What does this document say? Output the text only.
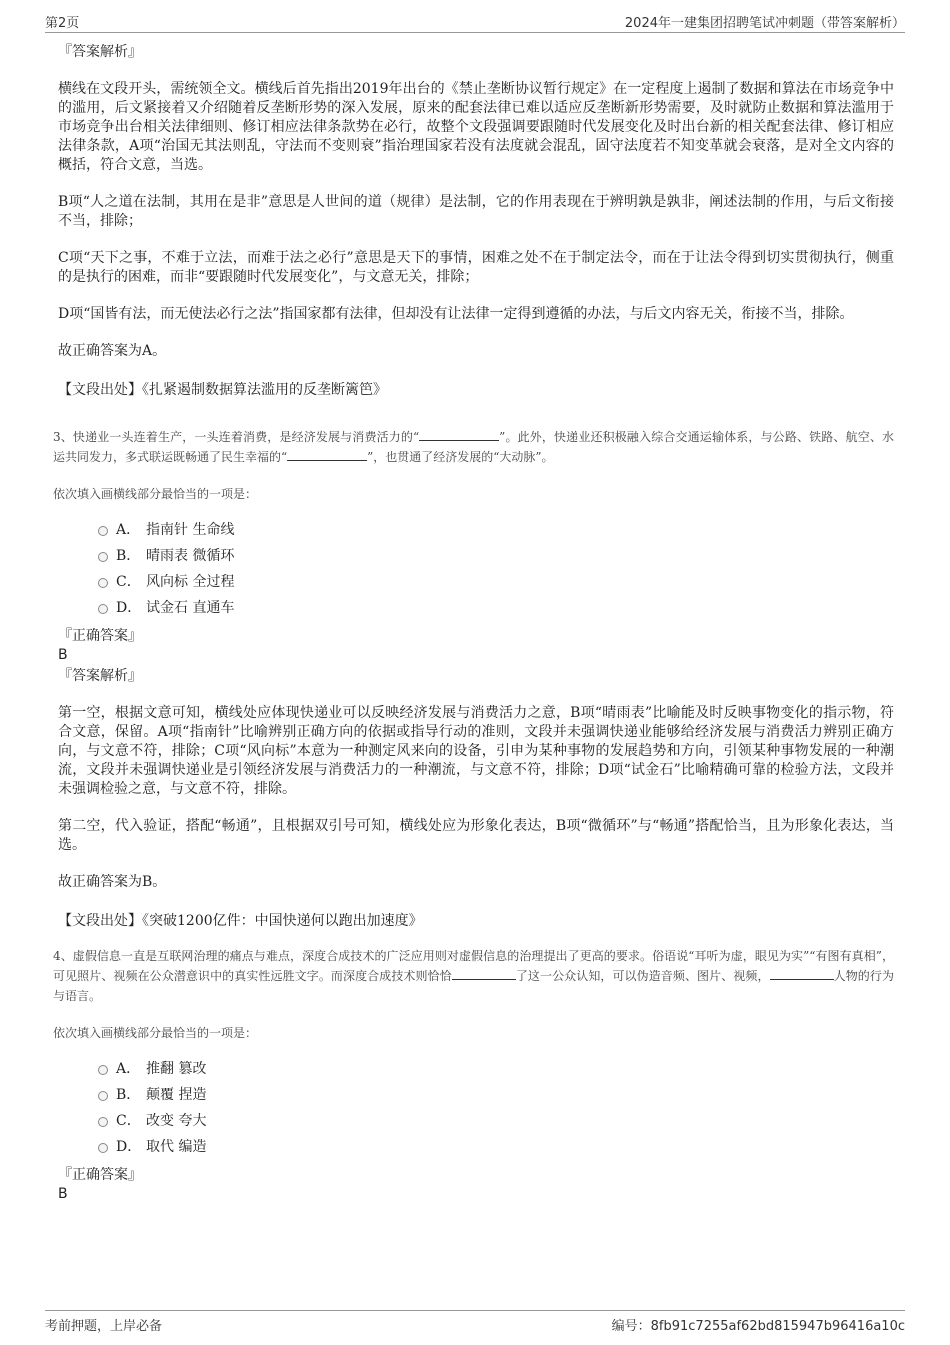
第2页	2024年一建集团招聘笔试冲刺题（带答案解析）

『答案解析』

横线在文段开头，需统领全文。横线后首先指出2019年出台的《禁止垄断协议暂行规定》在一定程度上遏制了数据和算法在市场竞争中的滥用，后文紧接着又介绍随着反垄断形势的深入发展，原来的配套法律已难以适应反垄断新形势需要，及时就防止数据和算法滥用于市场竞争出台相关法律细则、修订相应法律条款势在必行，故整个文段强调要跟随时代发展变化及时出台新的相关配套法律、修订相应法律条款，A项“治国无其法则乱，守法而不变则衰”指治理国家若没有法度就会混乱，固守法度若不知变革就会衰落，是对全文内容的概括，符合文意，当选。

B项“人之道在法制，其用在是非”意思是人世间的道（规律）是法制，它的作用表现在于辨明孰是孰非，阐述法制的作用，与后文衔接不当，排除；

C项“天下之事，不难于立法，而难于法之必行”意思是天下的事情，困难之处不在于制定法令，而在于让法令得到切实贯彻执行，侧重的是执行的困难，而非“要跟随时代发展变化”，与文意无关，排除；

D项“国皆有法，而无使法必行之法”指国家都有法律，但却没有让法律一定得到遵循的办法，与后文内容无关，衔接不当，排除。

故正确答案为A。

【文段出处】《扎紧遏制数据算法滥用的反垄断篱笆》

3、快递业一头连着生产，一头连着消费，是经济发展与消费活力的“	”。此外，快递业还积极融入综合交通运输体系，与公路、铁路、航空、水运共同发力，多式联运既畅通了民生幸福的“	”，也贯通了经济发展的“大动脉”。

依次填入画横线部分最恰当的一项是：

A． 指南针 生命线
B． 晴雨表 微循环
C． 风向标 全过程
D． 试金石 直通车

『正确答案』

B

『答案解析』

第一空，根据文意可知，横线处应体现快递业可以反映经济发展与消费活力之意，B项“晴雨表”比喻能及时反映事物变化的指示物，符合文意，保留。A项“指南针”比喻辨别正确方向的依据或指导行动的准则，文段并未强调快递业能够给经济发展与消费活力辨别正确方向，与文意不符，排除；C项“风向标”本意为一种测定风来向的设备，引申为某种事物的发展趋势和方向，引领某种事物发展的一种潮流，文段并未强调快递业是引领经济发展与消费活力的一种潮流，与文意不符，排除；D项“试金石”比喻精确可靠的检验方法，文段并未强调检验之意，与文意不符，排除。

第二空，代入验证，搭配“畅通”，且根据双引号可知，横线处应为形象化表达，B项“微循环”与“畅通”搭配恰当，且为形象化表达，当选。

故正确答案为B。

【文段出处】《突破1200亿件：中国快递何以跑出加速度》

4、虚假信息一直是互联网治理的痛点与难点，深度合成技术的广泛应用则对虚假信息的治理提出了更高的要求。俗语说“耳听为虚，眼见为实”“有图有真相”，可见照片、视频在公众潜意识中的真实性远胜文字。而深度合成技术则恰恰	了这一公众认知，可以伪造音频、图片、视频，	人物的行为与语言。

依次填入画横线部分最恰当的一项是：

A． 推翻 篡改
B． 颠覆 捏造
C． 改变 夸大
D． 取代 编造

『正确答案』

B

考前押题，上岸必备	编号：8fb91c7255af62bd815947b96416a10c
